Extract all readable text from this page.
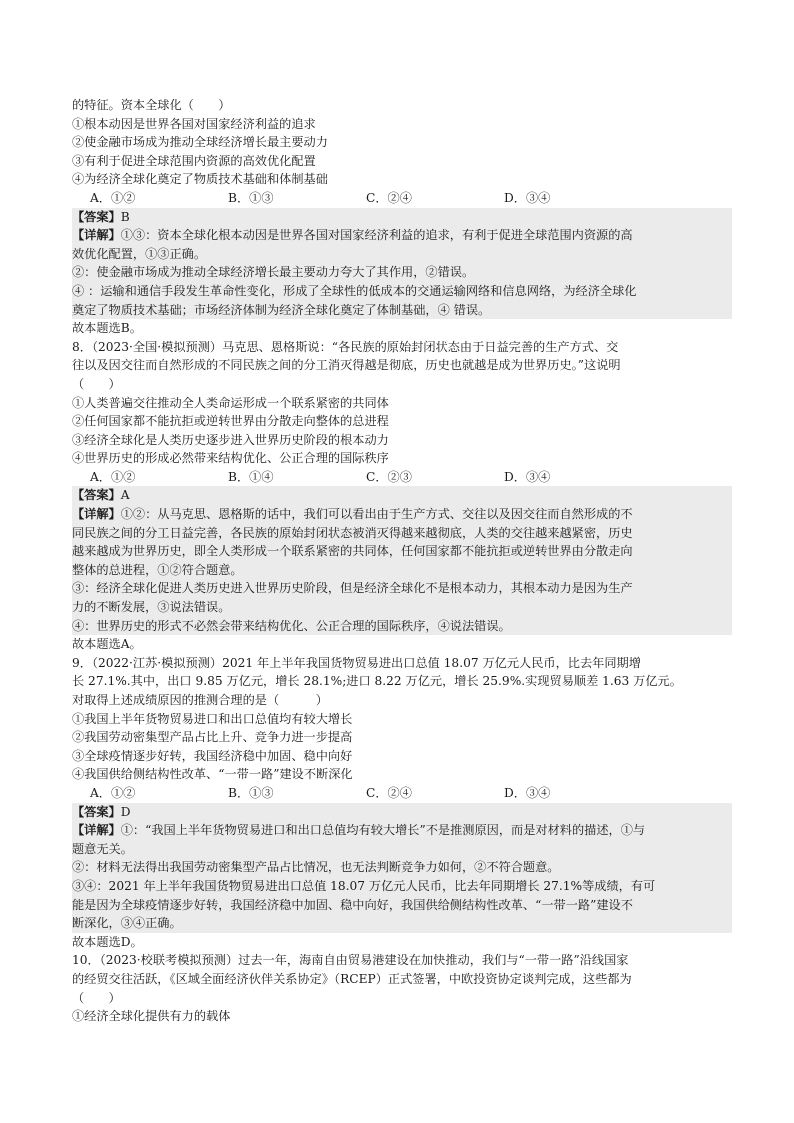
的特征。资本全球化（　　）
①根本动因是世界各国对国家经济利益的追求
②使金融市场成为推动全球经济增长最主要动力
③有利于促进全球范围内资源的高效优化配置
④为经济全球化奠定了物质技术基础和体制基础
A．①②	B．①③	C．②④	D．③④
【答案】B
【详解】①③：资本全球化根本动因是世界各国对国家经济利益的追求，有利于促进全球范围内资源的高
效优化配置，①③正确。
②：使金融市场成为推动全球经济增长最主要动力夸大了其作用，②错误。
④ ：运输和通信手段发生革命性变化，形成了全球性的低成本的交通运输网络和信息网络，为经济全球化
奠定了物质技术基础；市场经济体制为经济全球化奠定了体制基础，④ 错误。
故本题选B。
8．（2023·全国·模拟预测）马克思、恩格斯说：“各民族的原始封闭状态由于日益完善的生产方式、交
往以及因交往而自然形成的不同民族之间的分工消灭得越是彻底，历史也就越是成为世界历史。”这说明
（　　）
①人类普遍交往推动全人类命运形成一个联系紧密的共同体
②任何国家都不能抗拒或逆转世界由分散走向整体的总进程
③经济全球化是人类历史逐步进入世界历史阶段的根本动力
④世界历史的形成必然带来结构优化、公正合理的国际秩序
A．①②	B．①④	C．②③	D．③④
【答案】A
【详解】①②：从马克思、恩格斯的话中，我们可以看出由于生产方式、交往以及因交往而自然形成的不
同民族之间的分工日益完善，各民族的原始封闭状态被消灭得越来越彻底，人类的交往越来越紧密，历史
越来越成为世界历史，即全人类形成一个联系紧密的共同体，任何国家都不能抗拒或逆转世界由分散走向
整体的总进程，①②符合题意。
③：经济全球化促进人类历史进入世界历史阶段，但是经济全球化不是根本动力，其根本动力是因为生产
力的不断发展，③说法错误。
④：世界历史的形式不必然会带来结构优化、公正合理的国际秩序，④说法错误。
故本题选A。
9．（2022·江苏·模拟预测）2021 年上半年我国货物贸易进出口总值 18.07 万亿元人民币，比去年同期增
长 27.1%.其中，出口 9.85 万亿元，增长 28.1%;进口 8.22 万亿元，增长 25.9%.实现贸易顺差 1.63 万亿元。
对取得上述成绩原因的推测合理的是（　　　）
①我国上半年货物贸易进口和出口总值均有较大增长
②我国劳动密集型产品占比上升、竞争力进一步提高
③全球疫情逐步好转，我国经济稳中加固、稳中向好
④我国供给侧结构性改革、“一带一路”建设不断深化
A．①②	B．①③	C．②④	D．③④
【答案】D
【详解】①：“我国上半年货物贸易进口和出口总值均有较大增长”不是推测原因，而是对材料的描述，①与
题意无关。
②：材料无法得出我国劳动密集型产品占比情况，也无法判断竞争力如何，②不符合题意。
③④：2021 年上半年我国货物贸易进出口总值 18.07 万亿元人民币，比去年同期增长 27.1%等成绩，有可
能是因为全球疫情逐步好转，我国经济稳中加固、稳中向好，我国供给侧结构性改革、“一带一路”建设不
断深化，③④正确。
故本题选D。
10．（2023·校联考模拟预测）过去一年，海南自由贸易港建设在加快推动，我们与“一带一路”沿线国家
的经贸交往活跃，《区域全面经济伙伴关系协定》（RCEP）正式签署，中欧投资协定谈判完成，这些都为
（　　）
①经济全球化提供有力的载体
